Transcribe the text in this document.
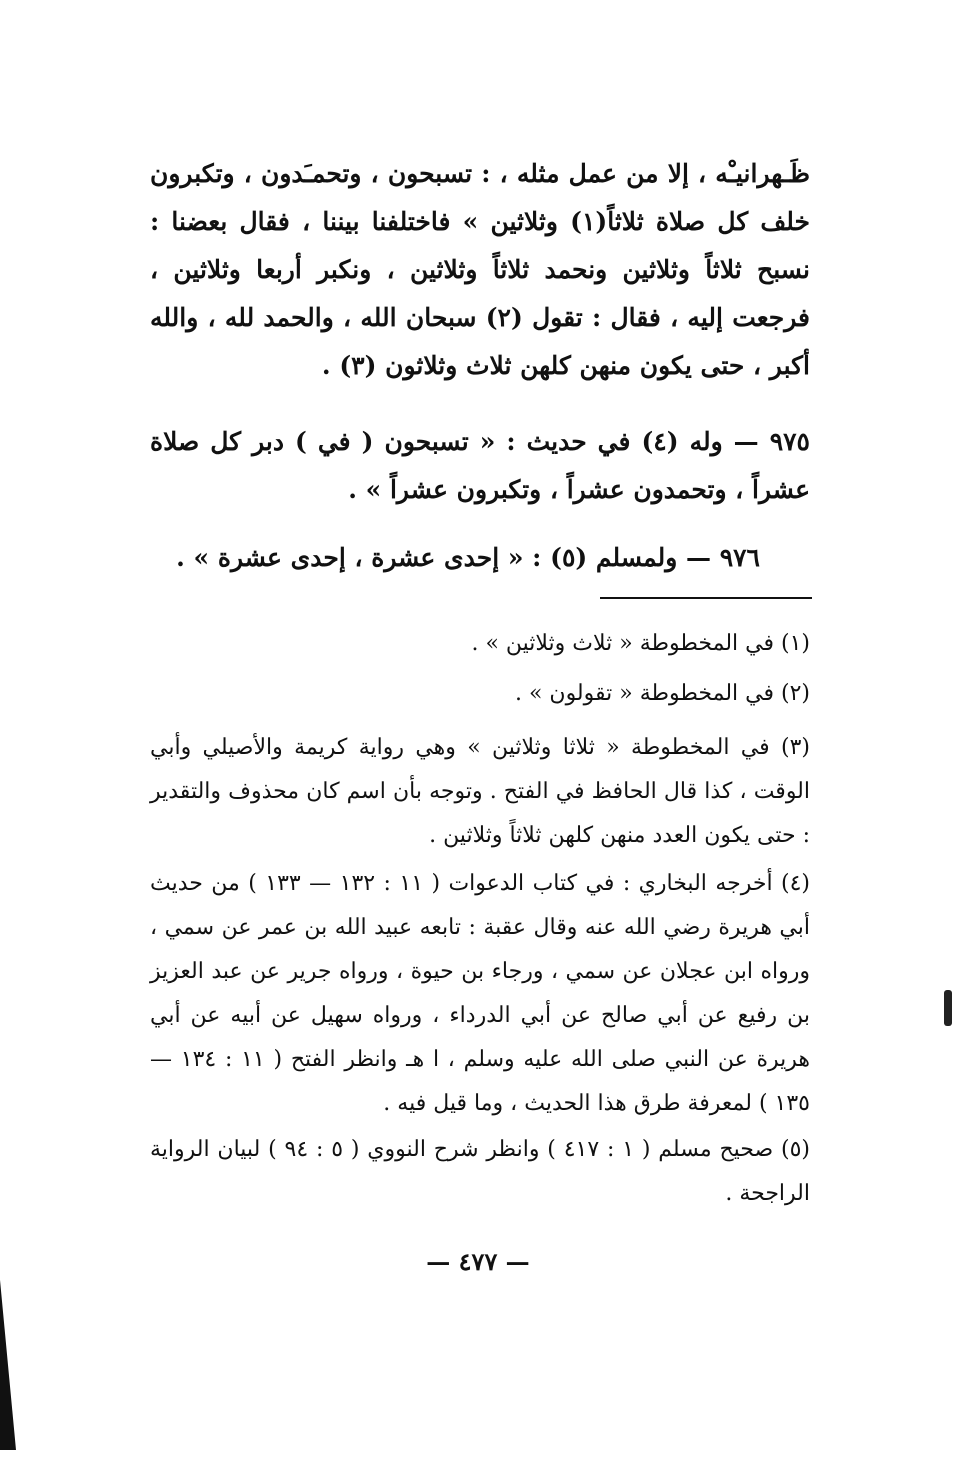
ظَـهرانيـْه ، إلا من عمل مثله ، : تسبحون ، وتحمـَدون ، وتكبرون خلف كل صلاة ثلاثاً(١) وثلاثين » فاختلفنا بيننا ، فقال بعضنا : نسبح ثلاثاً وثلاثين ونحمد ثلاثاً وثلاثين ، ونكبر أربعا وثلاثين ، فرجعت إليه ، فقال : تقول (٢) سبحان الله ، والحمد لله ، والله أكبر ، حتى يكون منهن كلهن ثلاث وثلاثون (٣) .

٩٧٥ — وله (٤) في حديث : « تسبحون ( في ) دبر كل صلاة عشراً ، وتحمدون عشراً ، وتكبرون عشراً » .

٩٧٦ — ولمسلم (٥) : « إحدى عشرة ، إحدى عشرة » .

(١) في المخطوطة « ثلاث وثلاثين » .

(٢) في المخطوطة « تقولون » .

(٣) في المخطوطة « ثلاثا وثلاثين » وهي رواية كريمة والأصيلي وأبي الوقت ، كذا قال الحافظ في الفتح . وتوجه بأن اسم كان محذوف والتقدير : حتى يكون العدد منهن كلهن ثلاثاً وثلاثين .

(٤) أخرجه البخاري : في كتاب الدعوات ( ١١ : ١٣٢ — ١٣٣ ) من حديث أبي هريرة رضي الله عنه وقال عقبة : تابعه عبيد الله بن عمر عن سمي ، ورواه ابن عجلان عن سمي ، ورجاء بن حيوة ، ورواه جرير عن عبد العزيز بن رفيع عن أبي صالح عن أبي الدرداء ، ورواه سهيل عن أبيه عن أبي هريرة عن النبي صلى الله عليه وسلم ، ا هـ وانظر الفتح ( ١١ : ١٣٤ — ١٣٥ ) لمعرفة طرق هذا الحديث ، وما قيل فيه .

(٥) صحيح مسلم ( ١ : ٤١٧ ) وانظر شرح النووي ( ٥ : ٩٤ ) لبيان الرواية الراجحة .

— ٤٧٧ —
